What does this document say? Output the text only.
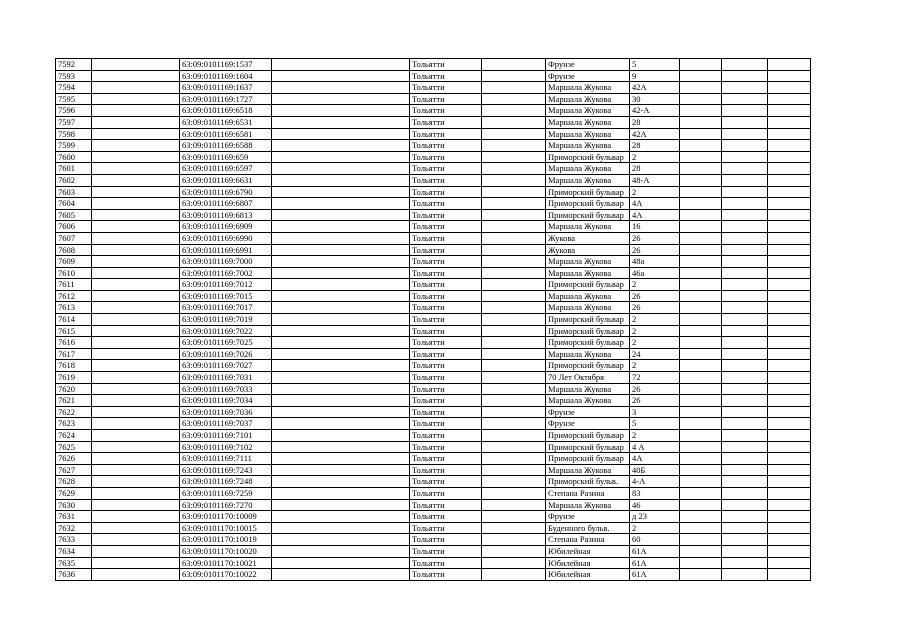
7592		63:09:0101169:1537		Тольятти		Фрунзе	5			
7593		63:09:0101169:1604		Тольятти		Фрунзе	9			
7594		63:09:0101169:1637		Тольятти		Маршала Жукова	42А			
7595		63:09:0101169:1727		Тольятти		Маршала Жукова	30			
7596		63:09:0101169:6518		Тольятти		Маршала Жукова	42-А			
7597		63:09:0101169:6531		Тольятти		Маршала Жукова	28			
7598		63:09:0101169:6581		Тольятти		Маршала Жукова	42А			
7599		63:09:0101169:6588		Тольятти		Маршала Жукова	28			
7600		63:09:0101169:659		Тольятти		Приморский бульвар	2			
7601		63:09:0101169:6597		Тольятти		Маршала Жукова	28			
7602		63:09:0101169:6631		Тольятти		Маршала Жукова	48-А			
7603		63:09:0101169:6790		Тольятти		Приморский бульвар	2			
7604		63:09:0101169:6807		Тольятти		Приморский бульвар	4А			
7605		63:09:0101169:6813		Тольятти		Приморский бульвар	4А			
7606		63:09:0101169:6909		Тольятти		Маршала Жукова	16			
7607		63:09:0101169:6990		Тольятти		Жукова	26			
7608		63:09:0101169:6991		Тольятти		Жукова	26			
7609		63:09:0101169:7000		Тольятти		Маршала Жукова	48а			
7610		63:09:0101169:7002		Тольятти		Маршала Жукова	46а			
7611		63:09:0101169:7012		Тольятти		Приморский бульвар	2			
7612		63:09:0101169:7015		Тольятти		Маршала Жукова	26			
7613		63:09:0101169:7017		Тольятти		Маршала Жукова	26			
7614		63:09:0101169:7019		Тольятти		Приморский бульвар	2			
7615		63:09:0101169:7022		Тольятти		Приморский бульвар	2			
7616		63:09:0101169:7025		Тольятти		Приморский бульвар	2			
7617		63:09:0101169:7026		Тольятти		Маршала Жукова	24			
7618		63:09:0101169:7027		Тольятти		Приморский бульвар	2			
7619		63:09:0101169:7031		Тольятти		70 Лет Октября	72			
7620		63:09:0101169:7033		Тольятти		Маршала Жукова	26			
7621		63:09:0101169:7034		Тольятти		Маршала Жукова	26			
7622		63:09:0101169:7036		Тольятти		Фрунзе	3			
7623		63:09:0101169:7037		Тольятти		Фрунзе	5			
7624		63:09:0101169:7101		Тольятти		Приморский бульвар	2			
7625		63:09:0101169:7102		Тольятти		Приморский бульвар	4 А			
7626		63:09:0101169:7111		Тольятти		Приморский бульвар	4А			
7627		63:09:0101169:7243		Тольятти		Маршала Жукова	40Б			
7628		63:09:0101169:7248		Тольятти		Приморский бульв.	4-А			
7629		63:09:0101169:7259		Тольятти		Степана Разина	83			
7630		63:09:0101169:7270		Тольятти		Маршала Жукова	46			
7631		63:09:0101170:10009		Тольятти		Фрунзе	д 23			
7632		63:09:0101170:10015		Тольятти		Буденного бульв.	2			
7633		63:09:0101170:10019		Тольятти		Степана Разина	60			
7634		63:09:0101170:10020		Тольятти		Юбилейная	61А			
7635		63:09:0101170:10021		Тольятти		Юбилейная	61А			
7636		63:09:0101170:10022		Тольятти		Юбилейная	61А			
